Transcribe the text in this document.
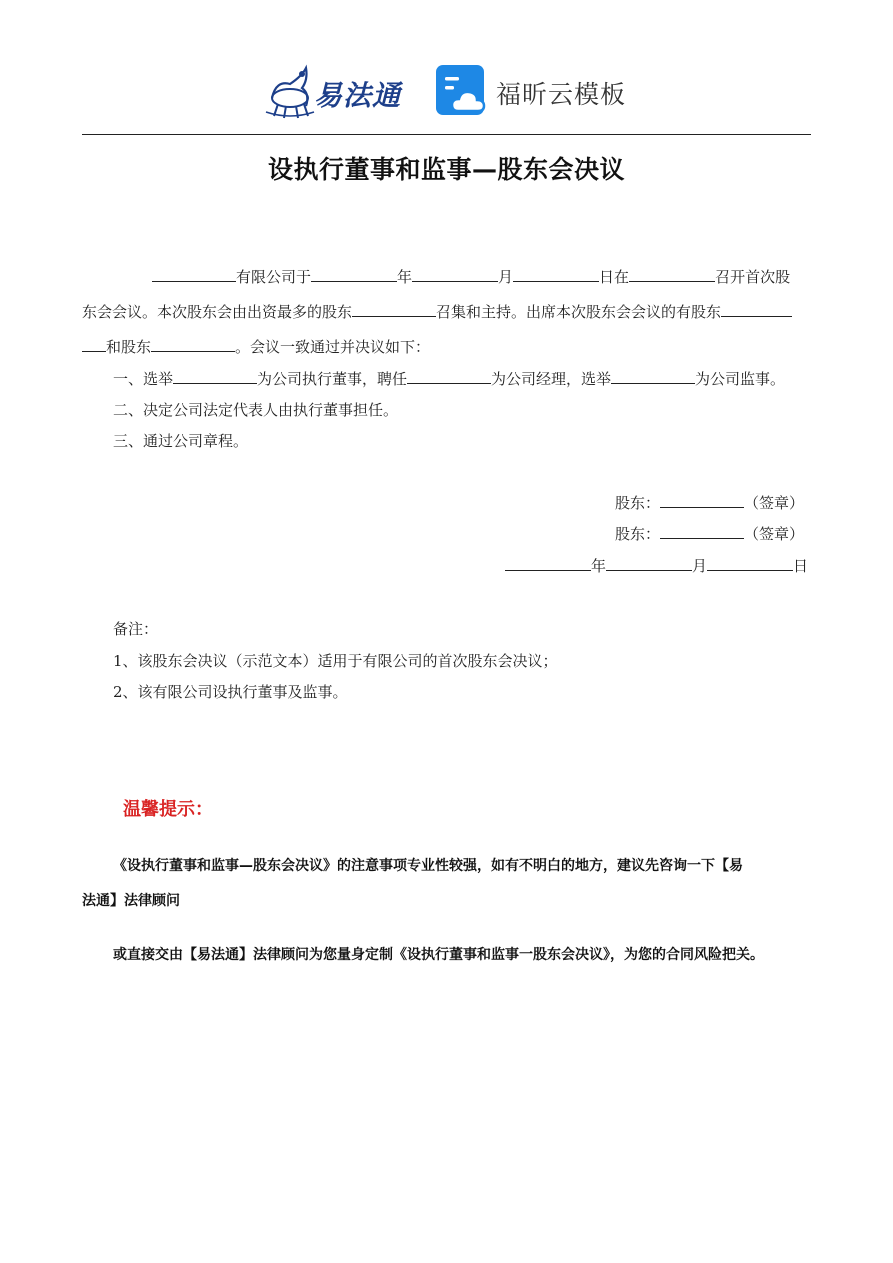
易法通	福昕云模板
设执行董事和监事—股东会决议
有限公司于	年	月	日在	召开首次股
东会会议。本次股东会由出资最多的股东	召集和主持。出席本次股东会会议的有股东
和股东	。会议一致通过并决议如下：
一、选举	为公司执行董事，聘任	为公司经理，选举	为公司监事。
二、决定公司法定代表人由执行董事担任。
三、通过公司章程。
股东：	（签章）
股东：	（签章）
年	月	日
备注：
1、该股东会决议（示范文本）适用于有限公司的首次股东会决议；
2、该有限公司设执行董事及监事。
温馨提示：
《设执行董事和监事—股东会决议》的注意事项专业性较强，如有不明白的地方，建议先咨询一下【易
法通】法律顾问
或直接交由【易法通】法律顾问为您量身定制《设执行董事和监事一股东会决议》，为您的合同风险把关。
